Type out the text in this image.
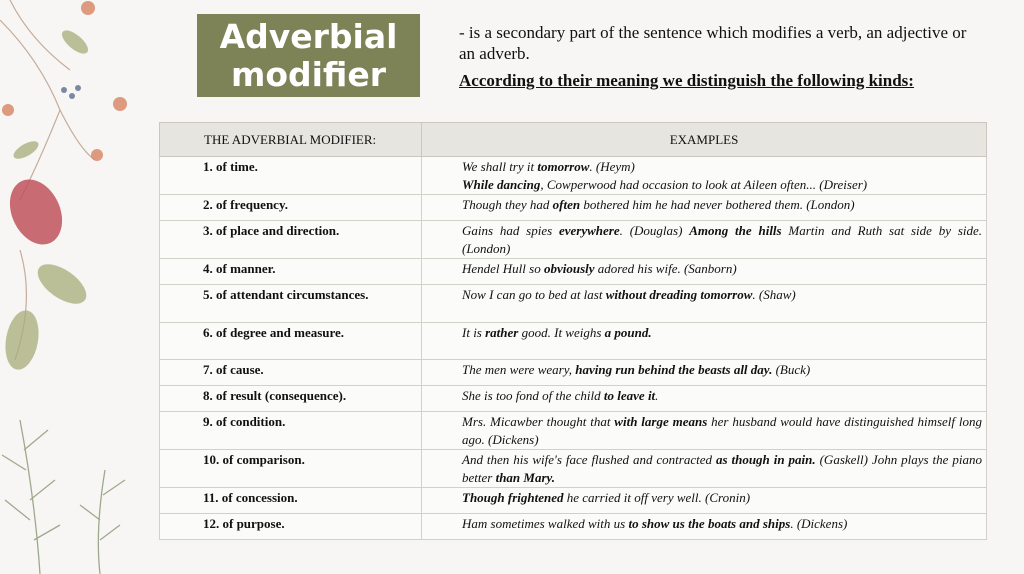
Adverbial
modifier

- is a secondary part of the sentence which modifies a verb, an adjective or an adverb.

According to their meaning we distinguish the following kinds:

THE ADVERBIAL MODIFIER:	EXAMPLES
1. of time.	We shall try it tomorrow. (Heym)
While dancing, Cowperwood had occasion to look at Aileen often... (Dreiser)
2. of frequency.	Though they had often bothered him he had never bothered them. (London)
3. of place and direction.	Gains had spies everywhere. (Douglas) Among the hills Martin and Ruth sat side by side. (London)
4. of manner.	Hendel Hull so obviously adored his wife. (Sanborn)
5. of attendant circumstances.	Now I can go to bed at last without dreading tomorrow. (Shaw)
6. of degree and measure.	It is rather good. It weighs a pound.
7. of cause.	The men were weary, having run behind the beasts all day. (Buck)
8. of result (consequence).	She is too fond of the child to leave it.
9. of condition.	Mrs. Micawber thought that with large means her husband would have distinguished himself long ago. (Dickens)
10. of comparison.	And then his wife's face flushed and contracted as though in pain. (Gaskell) John plays the piano better than Mary.
11. of concession.	Though frightened he carried it off very well. (Cronin)
12. of purpose.	Ham sometimes walked with us to show us the boats and ships. (Dickens)
